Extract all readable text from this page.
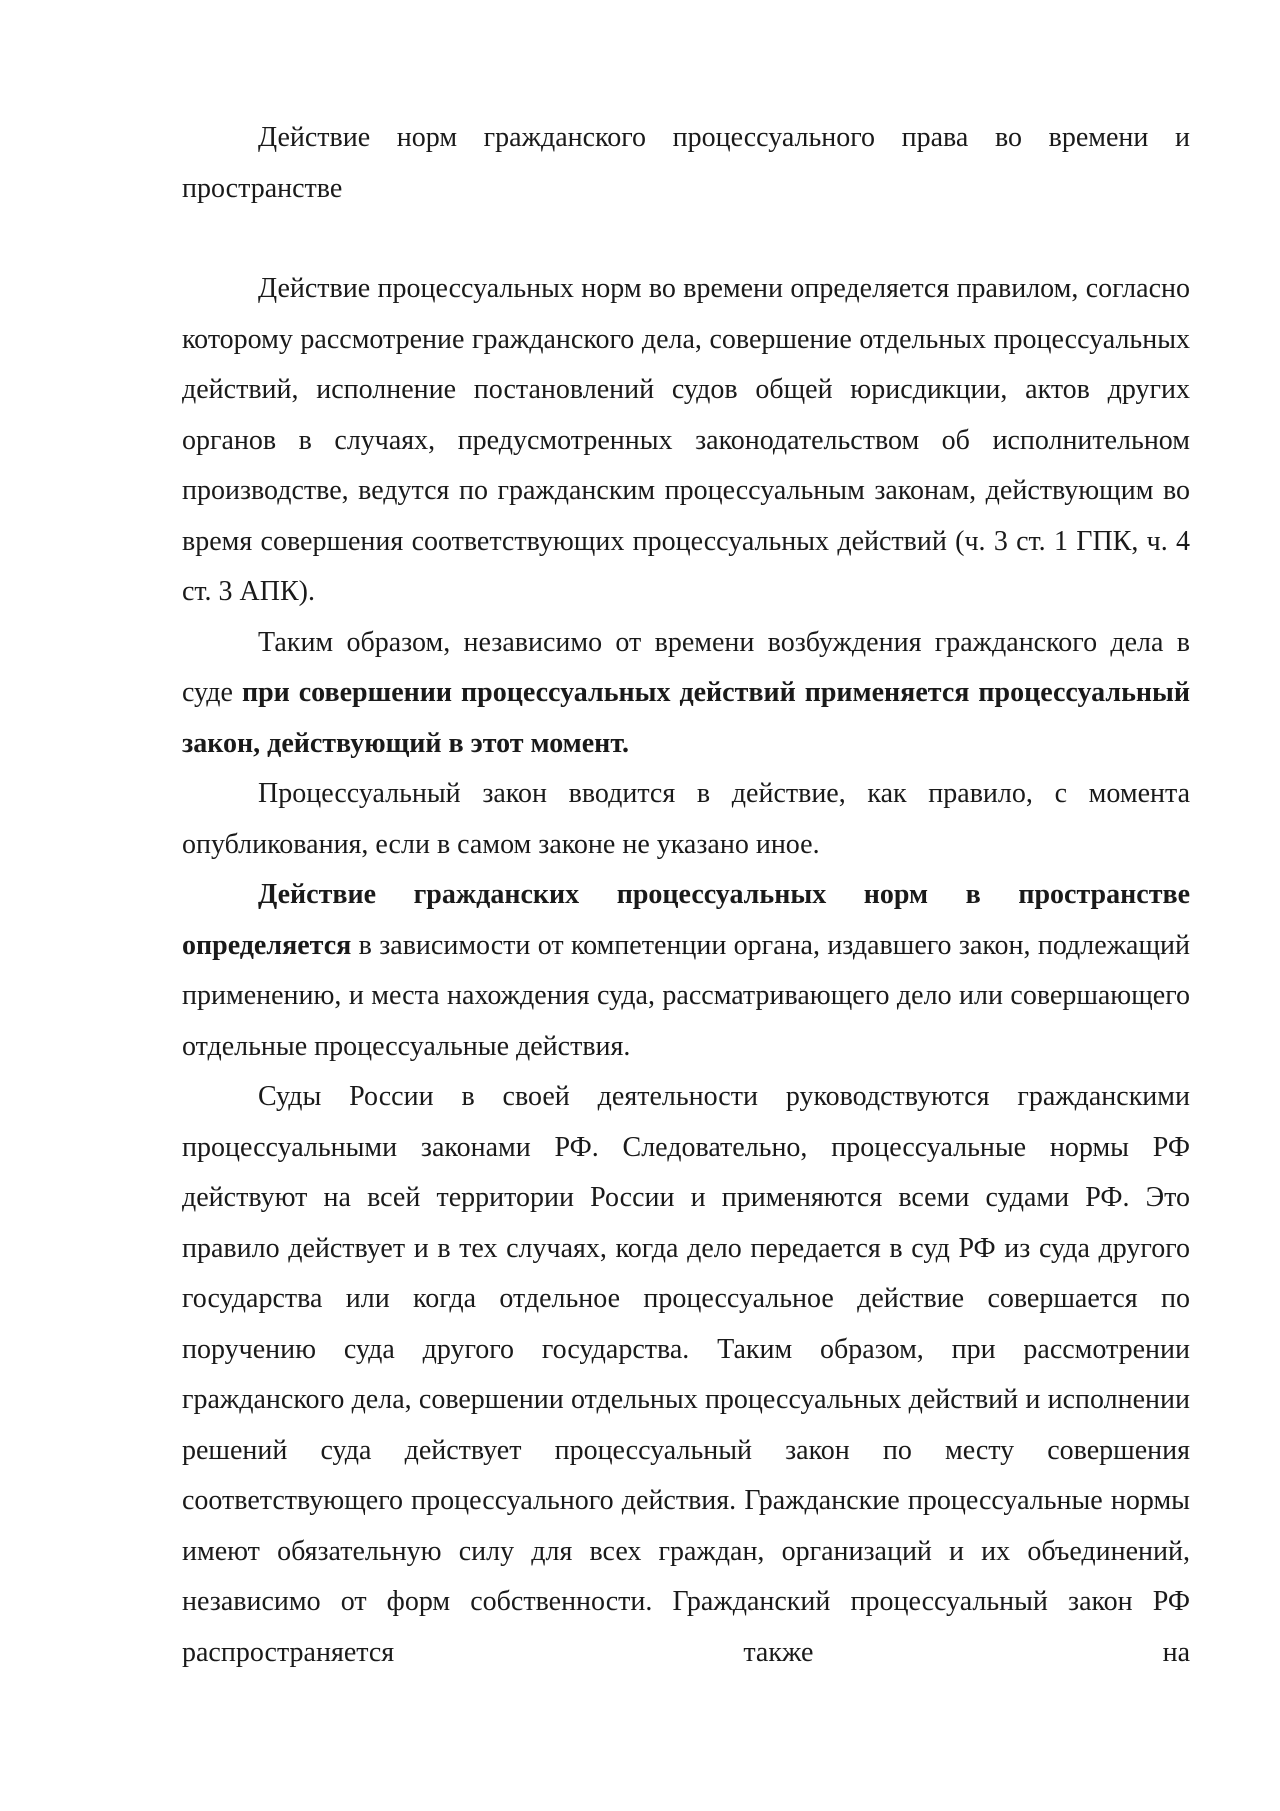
Действие норм гражданского процессуального права во времени и пространстве

Действие процессуальных норм во времени определяется правилом, согласно которому рассмотрение гражданского дела, совершение отдельных процессуальных действий, исполнение постановлений судов общей юрисдикции, актов других органов в случаях, предусмотренных законодательством об исполнительном производстве, ведутся по гражданским процессуальным законам, действующим во время совершения соответствующих процессуальных действий (ч. 3 ст. 1 ГПК, ч. 4 ст. 3 АПК).

Таким образом, независимо от времени возбуждения гражданского дела в суде при совершении процессуальных действий применяется процессуальный закон, действующий в этот момент.

Процессуальный закон вводится в действие, как правило, с момента опубликования, если в самом законе не указано иное.

Действие гражданских процессуальных норм в пространстве определяется в зависимости от компетенции органа, издавшего закон, подлежащий применению, и места нахождения суда, рассматривающего дело или совершающего отдельные процессуальные действия.

Суды России в своей деятельности руководствуются гражданскими процессуальными законами РФ. Следовательно, процессуальные нормы РФ действуют на всей территории России и применяются всеми судами РФ. Это правило действует и в тех случаях, когда дело передается в суд РФ из суда другого государства или когда отдельное процессуальное действие совершается по поручению суда другого государства. Таким образом, при рассмотрении гражданского дела, совершении отдельных процессуальных действий и исполнении решений суда действует процессуальный закон по месту совершения соответствующего процессуального действия. Гражданские процессуальные нормы имеют обязательную силу для всех граждан, организаций и их объединений, независимо от форм собственности. Гражданский процессуальный закон РФ распространяется также на
